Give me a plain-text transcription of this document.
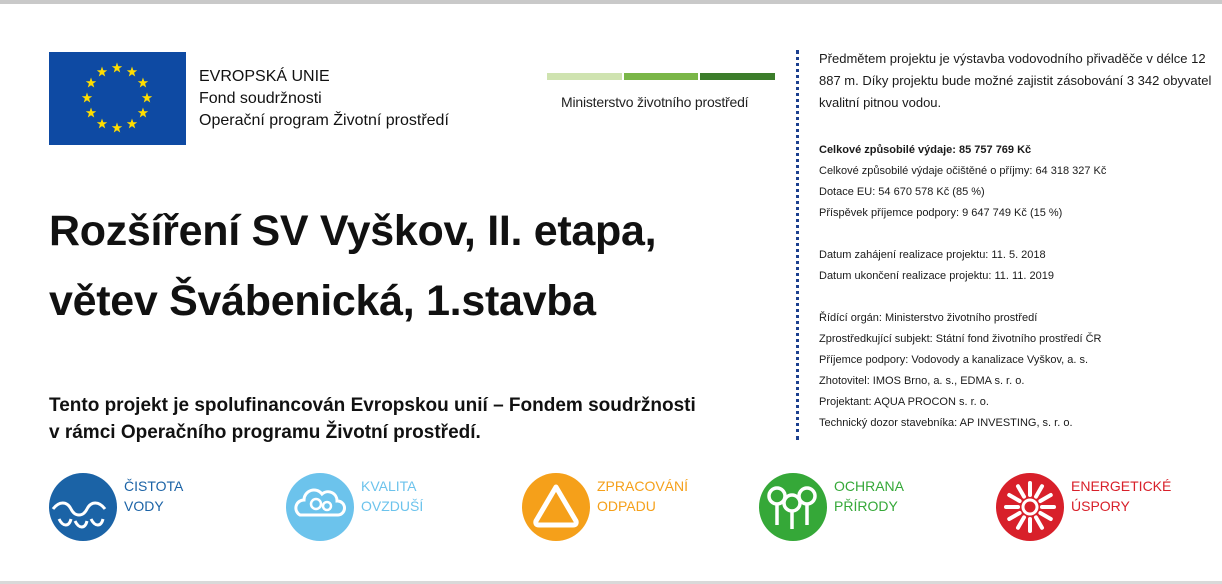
EVROPSKÁ UNIE
Fond soudržnosti
Operační program Životní prostředí
Ministerstvo životního prostředí
Rozšíření SV Vyškov, II. etapa,
větev Švábenická, 1.stavba
Tento projekt je spolufinancován Evropskou unií – Fondem soudržnosti
v rámci Operačního programu Životní prostředí.

Předmětem projektu je výstavba vodovodního přivaděče v délce 12 887 m. Díky projektu bude možné zajistit zásobování 3 342 obyvatel kvalitní pitnou vodou.

Celkové způsobilé výdaje: 85 757 769 Kč
Celkové způsobilé výdaje očištěné o příjmy: 64 318 327 Kč
Dotace EU: 54 670 578 Kč (85 %)
Příspěvek příjemce podpory: 9 647 749 Kč (15 %)
Datum zahájení realizace projektu: 11. 5. 2018
Datum ukončení realizace projektu: 11. 11. 2019
Řídící orgán: Ministerstvo životního prostředí
Zprostředkující subjekt: Státní fond životního prostředí ČR
Příjemce podpory: Vodovody a kanalizace Vyškov, a. s.
Zhotovitel: IMOS Brno, a. s., EDMA s. r. o.
Projektant: AQUA PROCON s. r. o.
Technický dozor stavebníka: AP INVESTING, s. r. o.
ČISTOTA
VODY
KVALITA
OVZDUŠÍ
ZPRACOVÁNÍ
ODPADU
OCHRANA
PŘÍRODY
ENERGETICKÉ
ÚSPORY
